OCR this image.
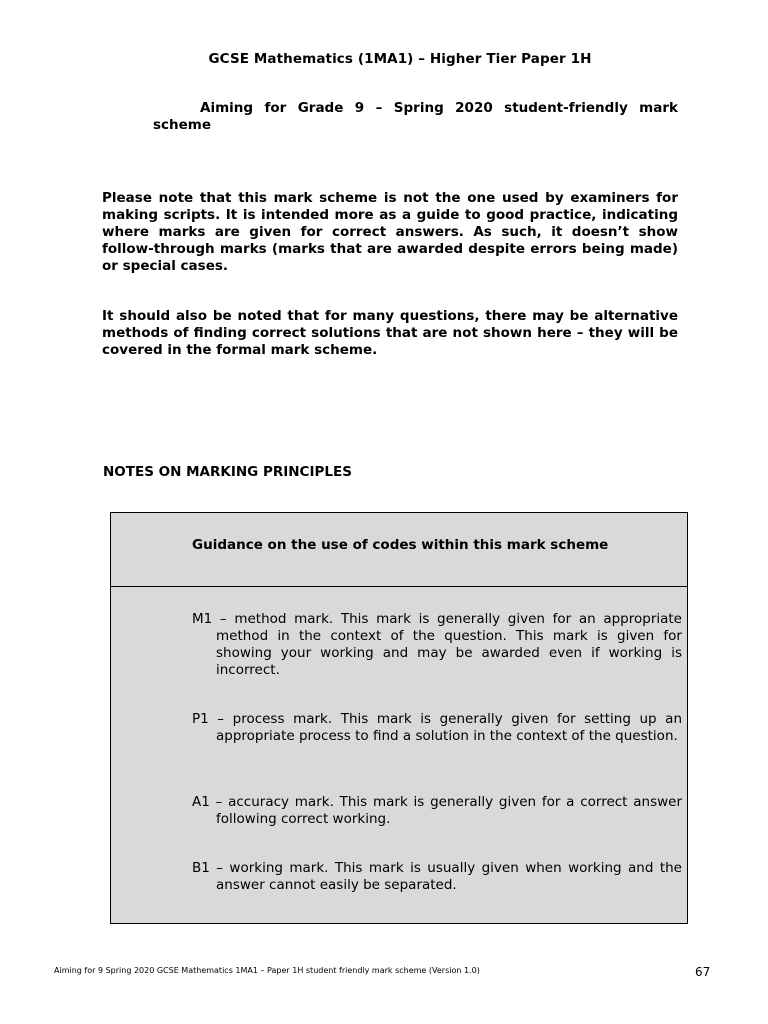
GCSE Mathematics (1MA1) – Higher Tier Paper 1H
Aiming for Grade 9 – Spring 2020 student-friendly mark scheme
Please note that this mark scheme is not the one used by examiners for making scripts. It is intended more as a guide to good practice, indicating where marks are given for correct answers. As such, it doesn’t show follow-through marks (marks that are awarded despite errors being made) or special cases.
It should also be noted that for many questions, there may be alternative methods of finding correct solutions that are not shown here – they will be covered in the formal mark scheme.
NOTES ON MARKING PRINCIPLES
Guidance on the use of codes within this mark scheme
M1 – method mark. This mark is generally given for an appropriate method in the context of the question. This mark is given for showing your working and may be awarded even if working is incorrect.
P1 – process mark. This mark is generally given for setting up an appropriate process to find a solution in the context of the question.
A1 – accuracy mark. This mark is generally given for a correct answer following correct working.
B1 – working mark. This mark is usually given when working and the answer cannot easily be separated.
Aiming for 9 Spring 2020 GCSE Mathematics 1MA1 – Paper 1H student friendly mark scheme (Version 1.0)	67
